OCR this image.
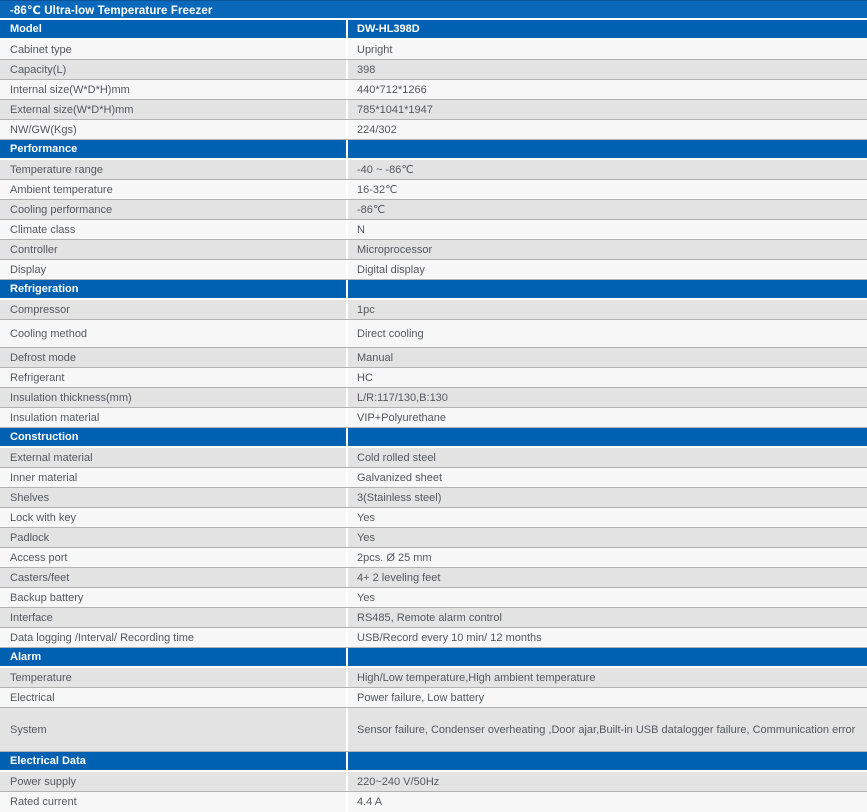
-86℃ Ultra-low Temperature Freezer
Model	DW-HL398D
Cabinet type	Upright
Capacity(L)	398
Internal size(W*D*H)mm	440*712*1266
External size(W*D*H)mm	785*1041*1947
NW/GW(Kgs)	224/302
Performance
Temperature range	-40 ~ -86℃
Ambient temperature	16-32℃
Cooling performance	-86℃
Climate class	N
Controller	Microprocessor
Display	Digital display
Refrigeration
Compressor	1pc
Cooling method	Direct cooling
Defrost mode	Manual
Refrigerant	HC
Insulation thickness(mm)	L/R:117/130,B:130
Insulation material	VIP+Polyurethane
Construction
External material	Cold rolled steel
Inner material	Galvanized sheet
Shelves	3(Stainless steel)
Lock with key	Yes
Padlock	Yes
Access port	2pcs. Ø 25 mm
Casters/feet	4+ 2 leveling feet
Backup battery	Yes
Interface	RS485, Remote alarm control
Data logging /Interval/ Recording time	USB/Record every 10 min/ 12 months
Alarm
Temperature	High/Low temperature,High ambient temperature
Electrical	Power failure, Low battery
System	Sensor failure, Condenser overheating ,Door ajar,Built-in USB datalogger failure, Communication error
Electrical Data
Power supply	220~240 V/50Hz
Rated current	4.4 A
